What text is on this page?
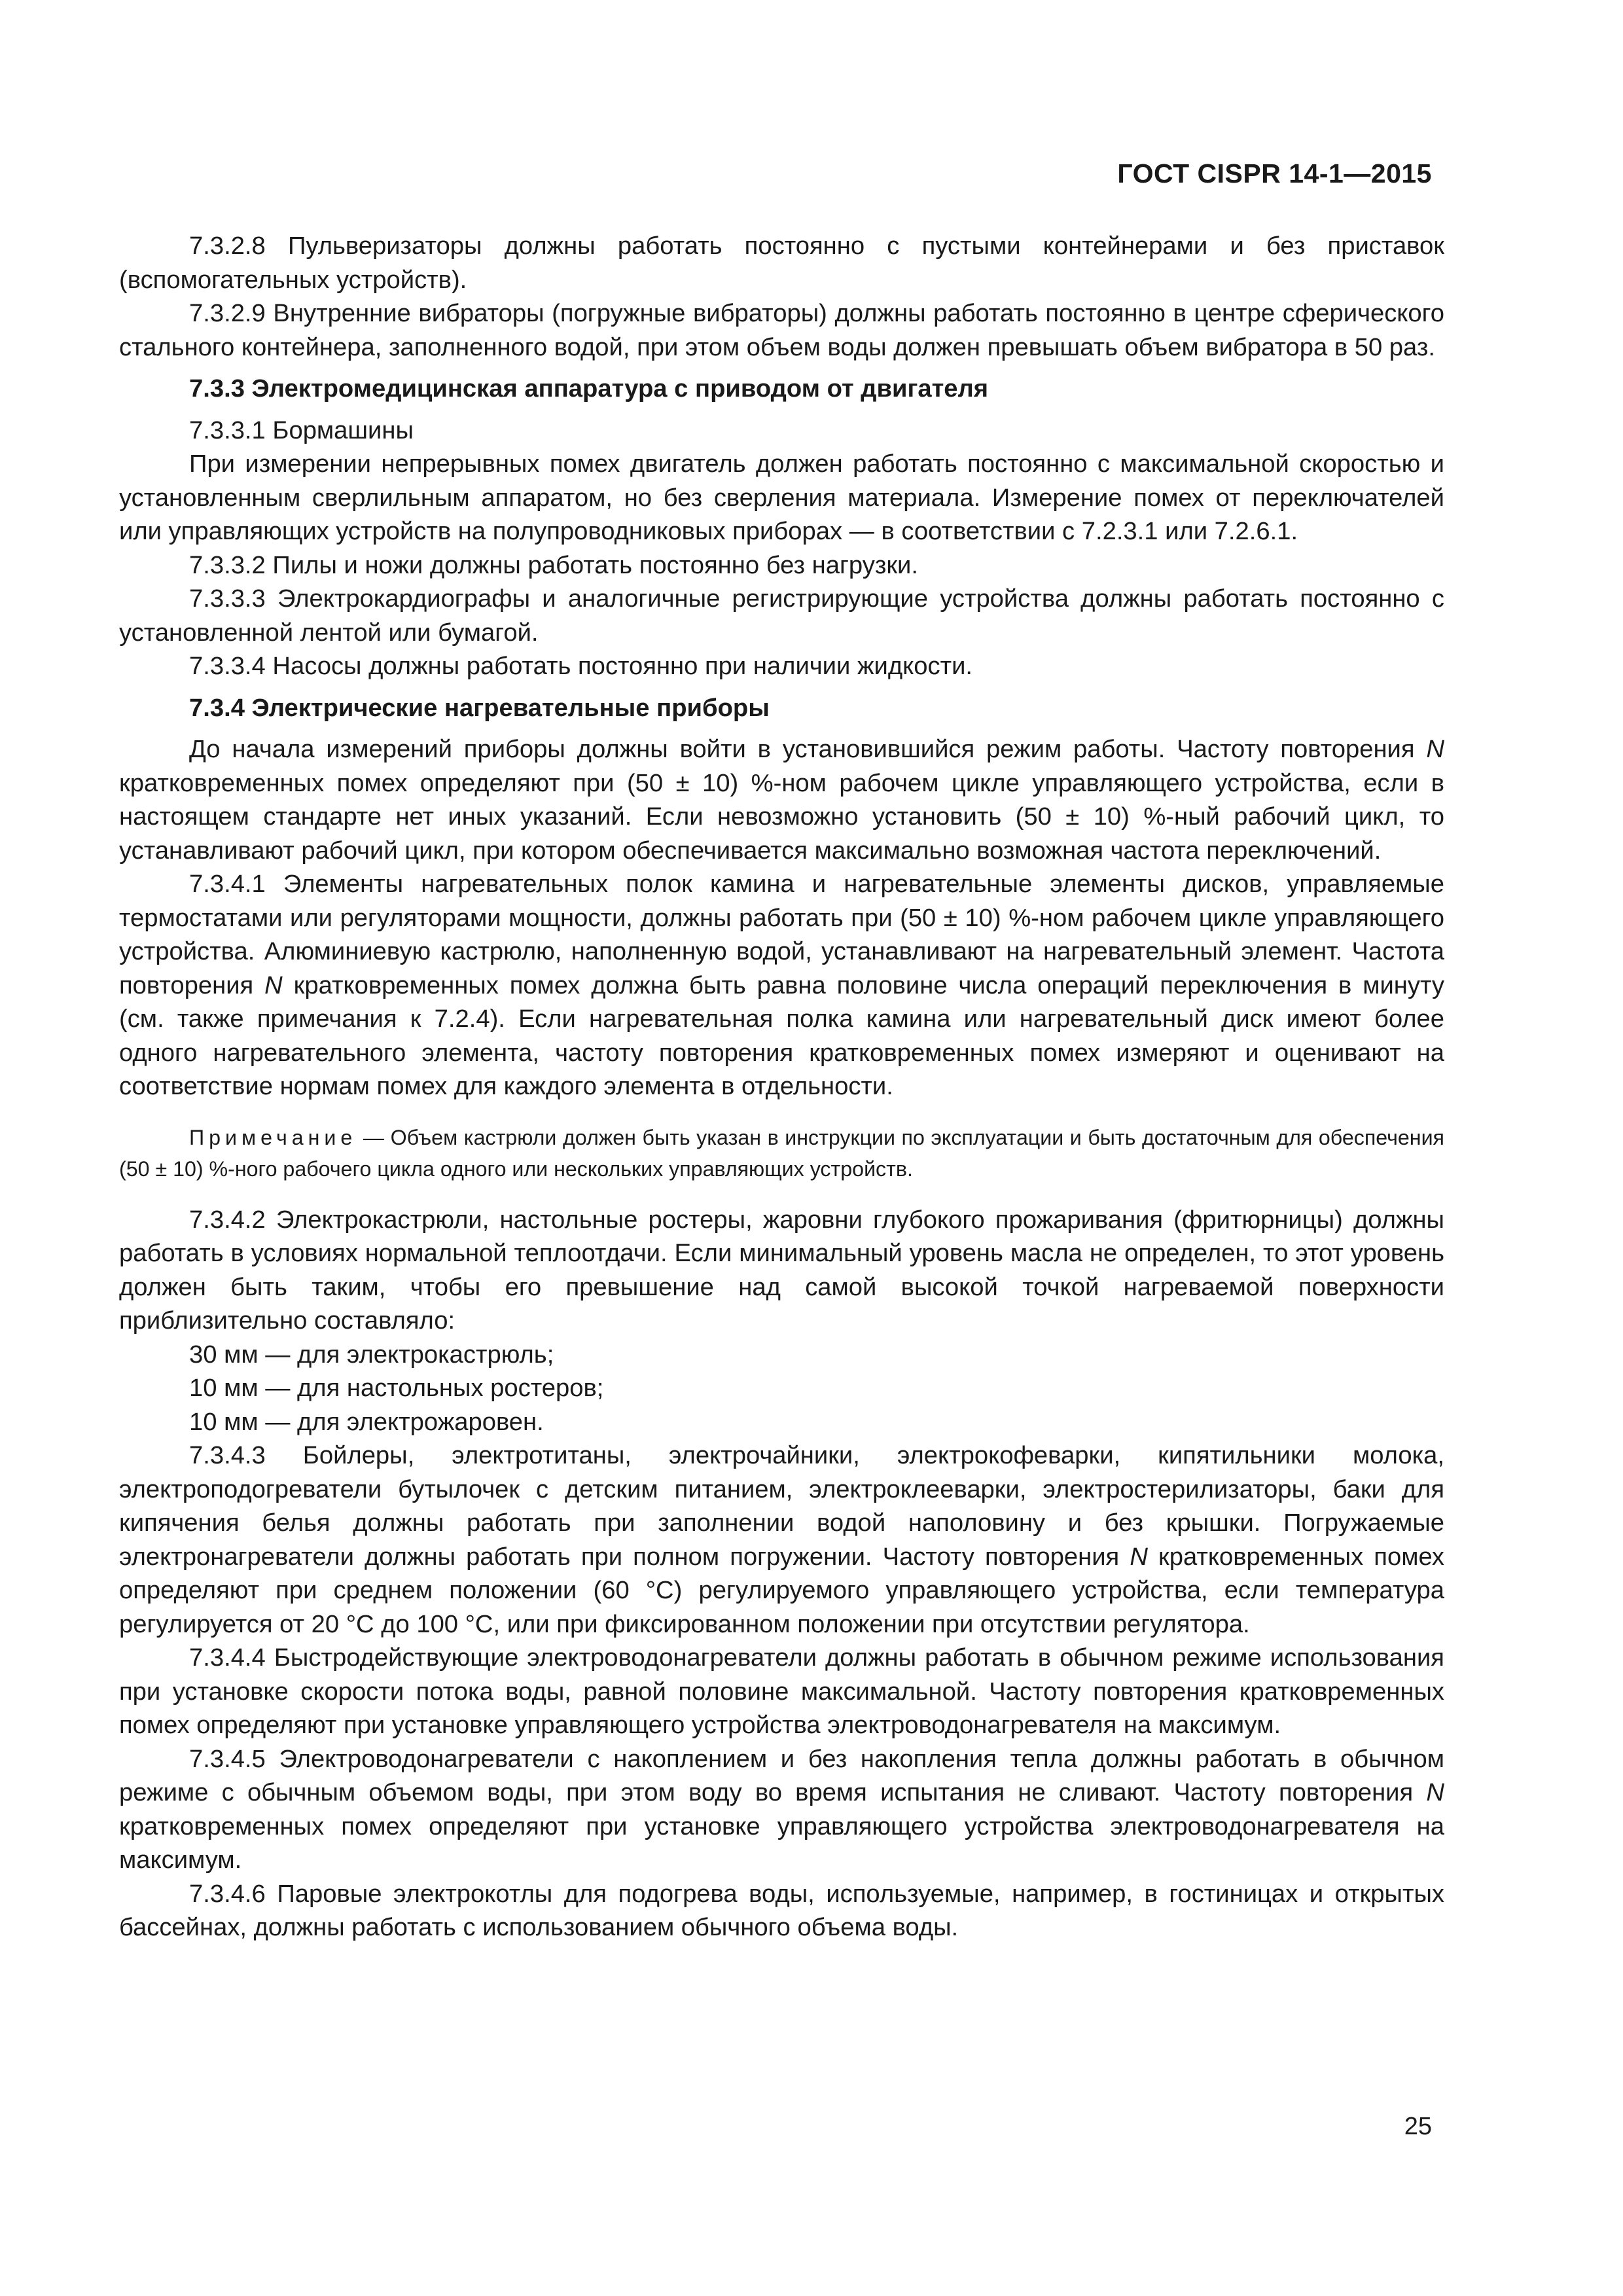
ГОСТ CISPR 14-1—2015

7.3.2.8 Пульверизаторы должны работать постоянно с пустыми контейнерами и без приставок (вспомогательных устройств).

7.3.2.9 Внутренние вибраторы (погружные вибраторы) должны работать постоянно в центре сферического стального контейнера, заполненного водой, при этом объем воды должен превышать объем вибратора в 50 раз.

7.3.3 Электромедицинская аппаратура с приводом от двигателя

7.3.3.1 Бормашины

При измерении непрерывных помех двигатель должен работать постоянно с максимальной скоростью и установленным сверлильным аппаратом, но без сверления материала. Измерение помех от переключателей или управляющих устройств на полупроводниковых приборах — в соответствии с 7.2.3.1 или 7.2.6.1.

7.3.3.2 Пилы и ножи должны работать постоянно без нагрузки.

7.3.3.3 Электрокардиографы и аналогичные регистрирующие устройства должны работать постоянно с установленной лентой или бумагой.

7.3.3.4 Насосы должны работать постоянно при наличии жидкости.

7.3.4 Электрические нагревательные приборы

До начала измерений приборы должны войти в установившийся режим работы. Частоту повторения N кратковременных помех определяют при (50 ± 10) %-ном рабочем цикле управляющего устройства, если в настоящем стандарте нет иных указаний. Если невозможно установить (50 ± 10) %-ный рабочий цикл, то устанавливают рабочий цикл, при котором обеспечивается максимально возможная частота переключений.

7.3.4.1 Элементы нагревательных полок камина и нагревательные элементы дисков, управляемые термостатами или регуляторами мощности, должны работать при (50 ± 10) %-ном рабочем цикле управляющего устройства. Алюминиевую кастрюлю, наполненную водой, устанавливают на нагревательный элемент. Частота повторения N кратковременных помех должна быть равна половине числа операций переключения в минуту (см. также примечания к 7.2.4). Если нагревательная полка камина или нагревательный диск имеют более одного нагревательного элемента, частоту повторения кратковременных помех измеряют и оценивают на соответствие нормам помех для каждого элемента в отдельности.

Примечание — Объем кастрюли должен быть указан в инструкции по эксплуатации и быть достаточным для обеспечения (50 ± 10) %-ного рабочего цикла одного или нескольких управляющих устройств.

7.3.4.2 Электрокастрюли, настольные ростеры, жаровни глубокого прожаривания (фритюрницы) должны работать в условиях нормальной теплоотдачи. Если минимальный уровень масла не определен, то этот уровень должен быть таким, чтобы его превышение над самой высокой точкой нагреваемой поверхности приблизительно составляло:

30 мм — для электрокастрюль;

10 мм — для настольных ростеров;

10 мм — для электрожаровен.

7.3.4.3 Бойлеры, электротитаны, электрочайники, электрокофеварки, кипятильники молока, электроподогреватели бутылочек с детским питанием, электроклееварки, электростерилизаторы, баки для кипячения белья должны работать при заполнении водой наполовину и без крышки. Погружаемые электронагреватели должны работать при полном погружении. Частоту повторения N кратковременных помех определяют при среднем положении (60 °C) регулируемого управляющего устройства, если температура регулируется от 20 °C до 100 °C, или при фиксированном положении при отсутствии регулятора.

7.3.4.4 Быстродействующие электроводонагреватели должны работать в обычном режиме использования при установке скорости потока воды, равной половине максимальной. Частоту повторения кратковременных помех определяют при установке управляющего устройства электроводонагревателя на максимум.

7.3.4.5 Электроводонагреватели с накоплением и без накопления тепла должны работать в обычном режиме с обычным объемом воды, при этом воду во время испытания не сливают. Частоту повторения N кратковременных помех определяют при установке управляющего устройства электроводонагревателя на максимум.

7.3.4.6 Паровые электрокотлы для подогрева воды, используемые, например, в гостиницах и открытых бассейнах, должны работать с использованием обычного объема воды.

25
